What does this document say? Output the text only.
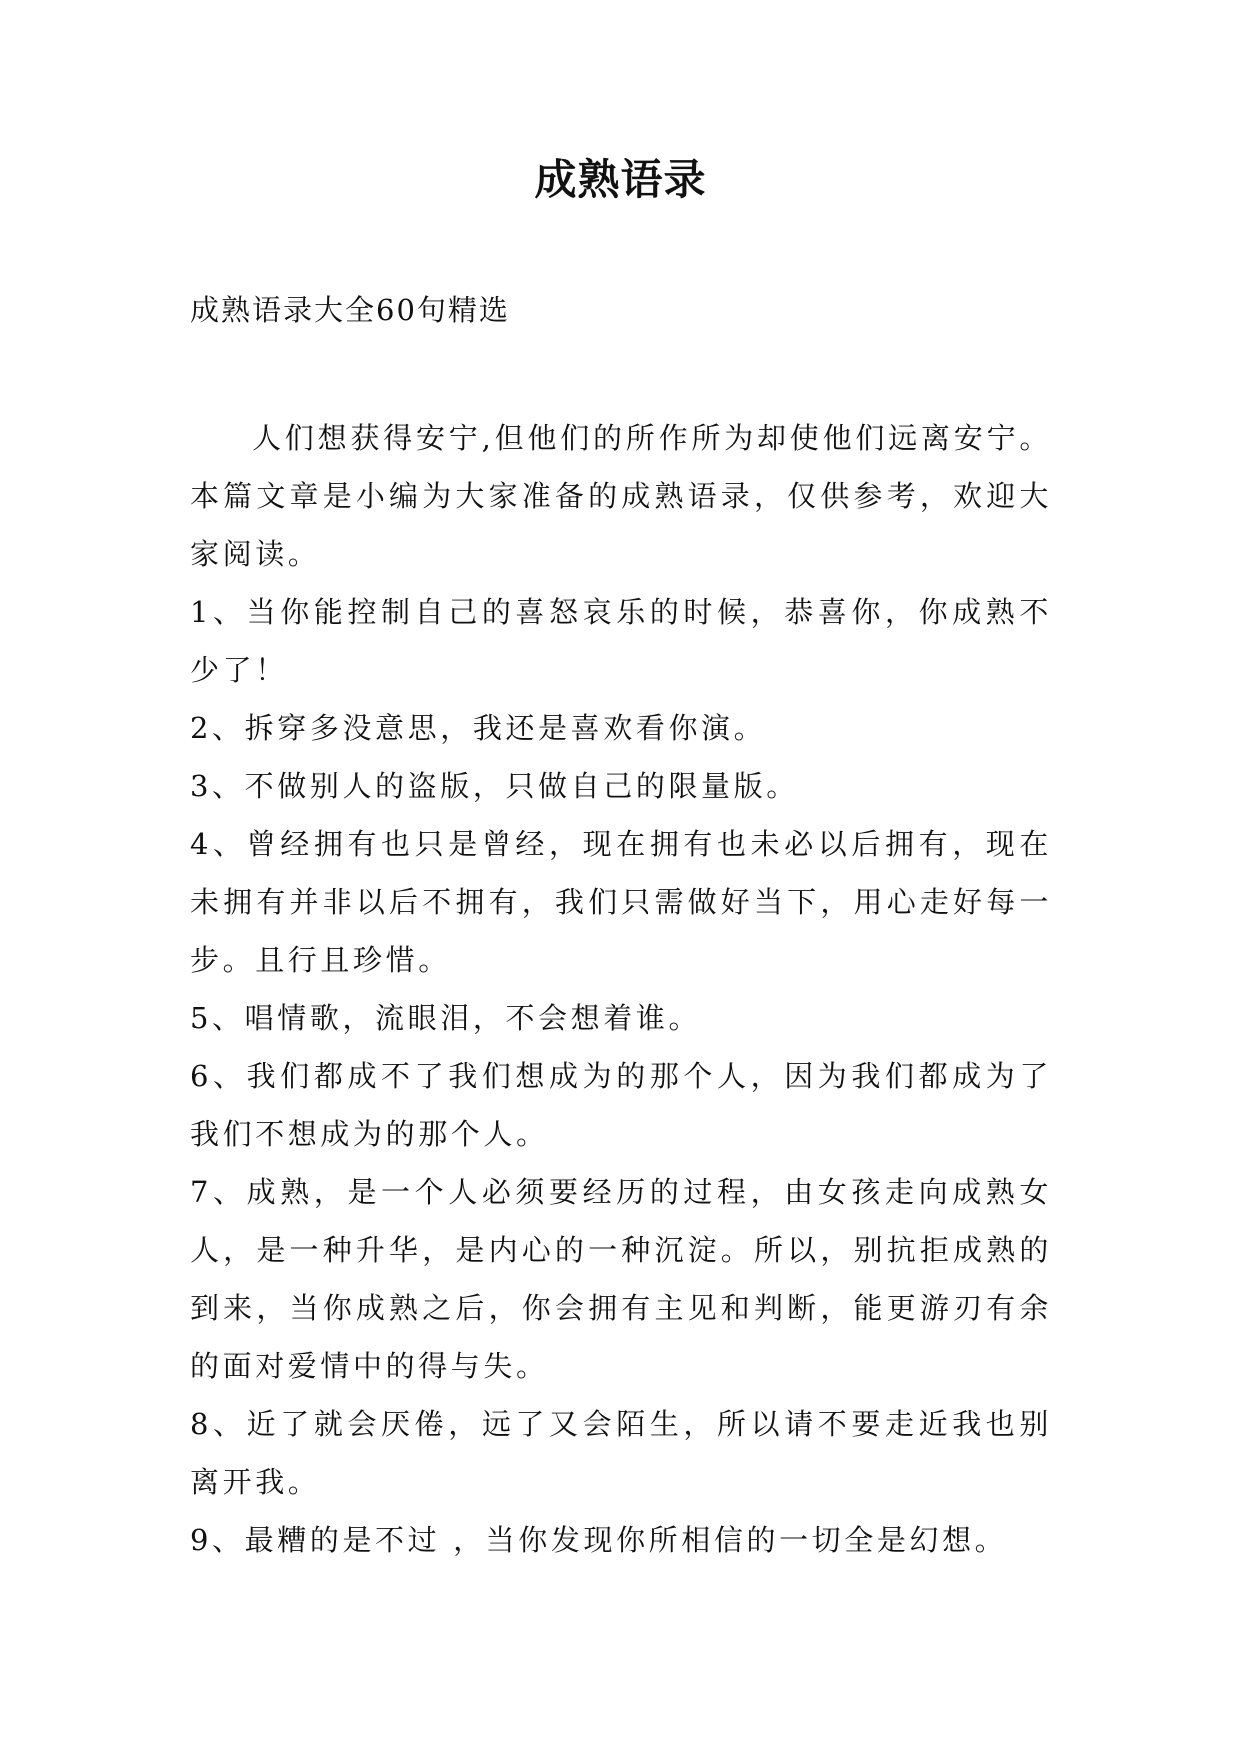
成熟语录
成熟语录大全60句精选

人们想获得安宁,但他们的所作所为却使他们远离安宁。本篇文章是小编为大家准备的成熟语录，仅供参考，欢迎大家阅读。

1、当你能控制自己的喜怒哀乐的时候，恭喜你，你成熟不少了！

2、拆穿多没意思，我还是喜欢看你演。

3、不做别人的盗版，只做自己的限量版。

4、曾经拥有也只是曾经，现在拥有也未必以后拥有，现在未拥有并非以后不拥有，我们只需做好当下，用心走好每一步。且行且珍惜。

5、唱情歌，流眼泪，不会想着谁。

6、我们都成不了我们想成为的那个人，因为我们都成为了我们不想成为的那个人。

7、成熟，是一个人必须要经历的过程，由女孩走向成熟女人，是一种升华，是内心的一种沉淀。所以，别抗拒成熟的到来，当你成熟之后，你会拥有主见和判断，能更游刃有余的面对爱情中的得与失。

8、近了就会厌倦，远了又会陌生，所以请不要走近我也别离开我。

9、最糟的是不过 ，当你发现你所相信的一切全是幻想。
